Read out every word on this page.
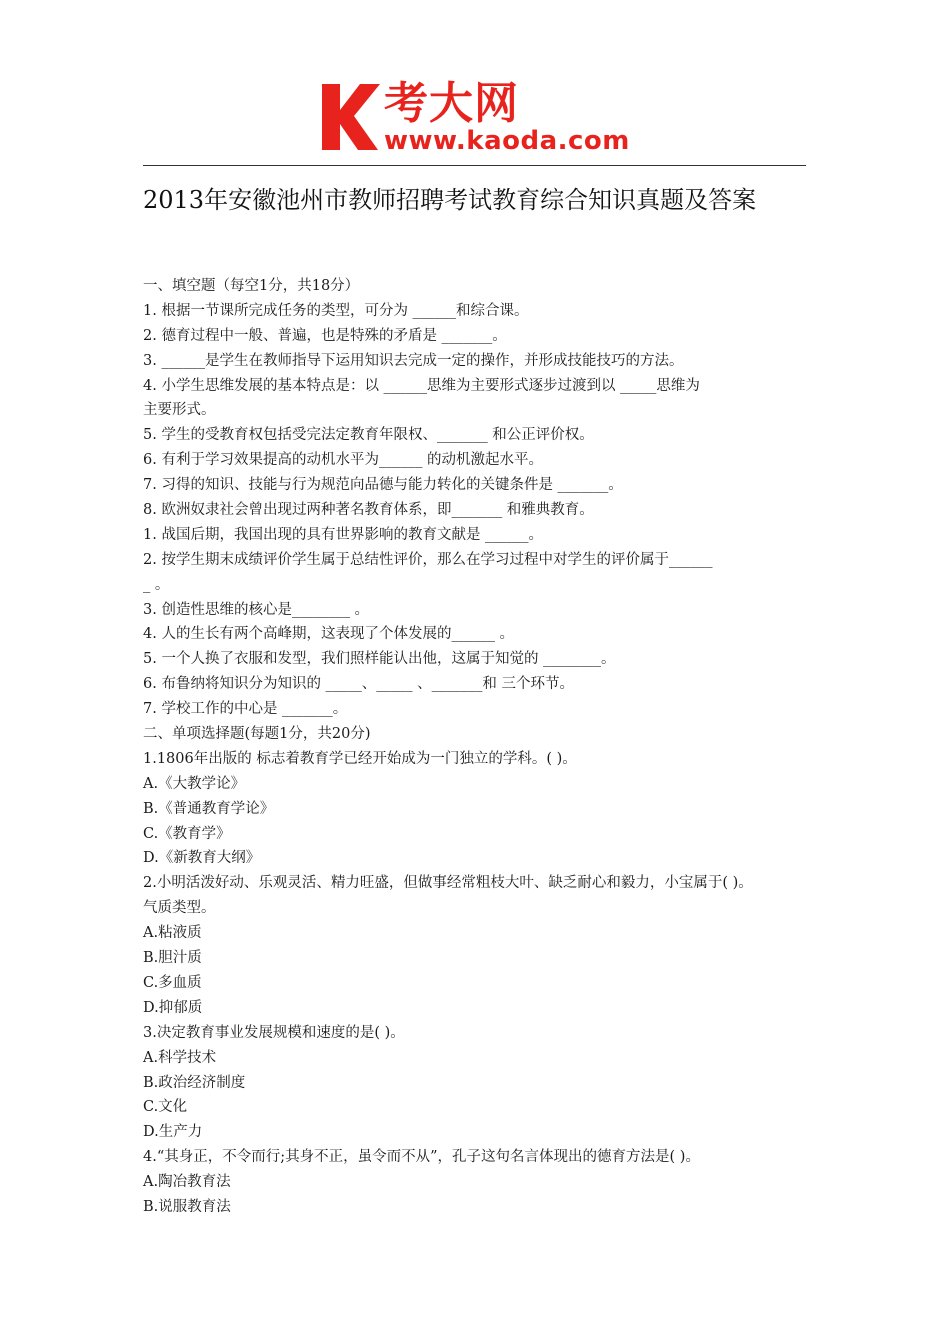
考大网
www.kaoda.com
2013年安徽池州市教师招聘考试教育综合知识真题及答案
一、填空题（每空1分，共18分）
1. 根据一节课所完成任务的类型，可分为 ______和综合课。
2. 德育过程中一般、普遍，也是特殊的矛盾是 _______。
3. ______是学生在教师指导下运用知识去完成一定的操作，并形成技能技巧的方法。
4. 小学生思维发展的基本特点是：以 ______思维为主要形式逐步过渡到以 _____思维为
主要形式。
5. 学生的受教育权包括受完法定教育年限权、_______ 和公正评价权。
6. 有利于学习效果提高的动机水平为______ 的动机激起水平。
7. 习得的知识、技能与行为规范向品德与能力转化的关键条件是 _______。
8. 欧洲奴隶社会曾出现过两种著名教育体系，即_______ 和雅典教育。
1. 战国后期，我国出现的具有世界影响的教育文献是 ______。
2. 按学生期末成绩评价学生属于总结性评价，那么在学习过程中对学生的评价属于______
_ 。
3. 创造性思维的核心是________ 。
4. 人的生长有两个高峰期，这表现了个体发展的______ 。
5. 一个人换了衣服和发型，我们照样能认出他，这属于知觉的 ________。
6. 布鲁纳将知识分为知识的 _____、_____ 、_______和 三个环节。
7. 学校工作的中心是 _______。
二、单项选择题(每题1分，共20分)
1.1806年出版的 标志着教育学已经开始成为一门独立的学科。( )。
A.《大教学论》
B.《普通教育学论》
C.《教育学》
D.《新教育大纲》
2.小明活泼好动、乐观灵活、精力旺盛，但做事经常粗枝大叶、缺乏耐心和毅力，小宝属于( )。
气质类型。
A.粘液质
B.胆汁质
C.多血质
D.抑郁质
3.决定教育事业发展规模和速度的是( )。
A.科学技术
B.政治经济制度
C.文化
D.生产力
4.“其身正，不令而行;其身不正，虽令而不从”，孔子这句名言体现出的德育方法是( )。
A.陶冶教育法
B.说服教育法
